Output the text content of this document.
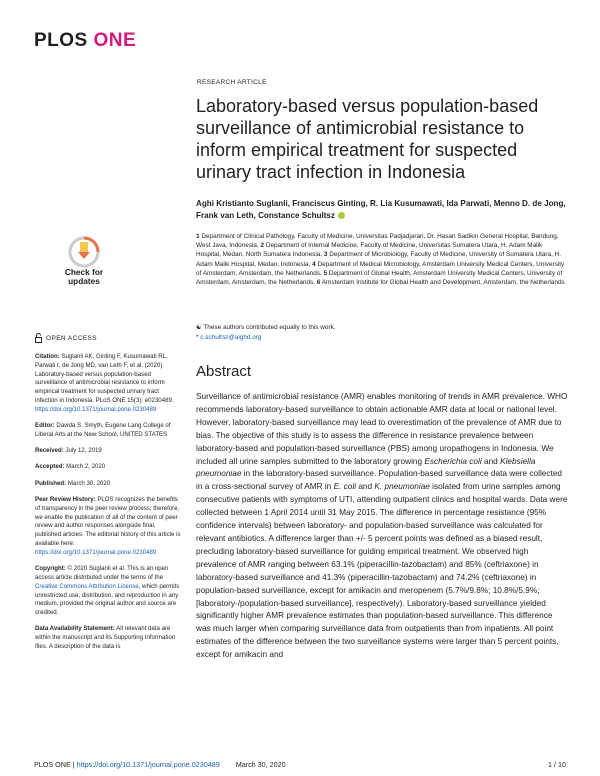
PLOS ONE
Check for
updates
OPEN ACCESS

Citation: Suglanli AK, Ginting F, Kusumawati RL, Parwati I, de Jong MD, van Leth F, et al. (2020) Laboratory-based versus population-based surveillance of antimicrobial resistance to inform empirical treatment for suspected urinary tract infection in Indonesia. PLoS ONE 15(3): e0230489. https://doi.org/10.1371/journal.pone.0230489

Editor: Davida S. Smyth, Eugene Lang College of Liberal Arts at the New School, UNITED STATES

Received: July 12, 2019

Accepted: March 2, 2020

Published: March 30, 2020

Peer Review History: PLOS recognizes the benefits of transparency in the peer review process; therefore, we enable the publication of all of the content of peer review and author responses alongside final, published articles. The editorial history of this article is available here: https://doi.org/10.1371/journal.pone.0230489

Copyright: © 2020 Suglanli et al. This is an open access article distributed under the terms of the Creative Commons Attribution License, which permits unrestricted use, distribution, and reproduction in any medium, provided the original author and source are credited.

Data Availability Statement: All relevant data are within the manuscript and its Supporting Information files. A description of the data is

RESEARCH ARTICLE
Laboratory-based versus population-based surveillance of antimicrobial resistance to inform empirical treatment for suspected urinary tract infection in Indonesia
Aghi Kristianto Suglanli, Franciscus Ginting, R. Lia Kusumawati, Ida Parwati, Menno D. de Jong, Frank van Leth, Constance Schultsz
1 Department of Clinical Pathology, Faculty of Medicine, Universitas Padjadjaran, Dr. Hasan Sadikin General Hospital, Bandung, West Java, Indonesia, 2 Department of Internal Medicine, Faculty of Medicine, Universitas Sumatera Utara, H. Adam Malik Hospital, Medan, North Sumatera Indonesia, 3 Department of Microbiology, Faculty of Medicine, University of Sumatera Utara, H. Adam Malik Hospital, Medan, Indonesia, 4 Department of Medical Microbiology, Amsterdam University Medical Centers, University of Amsterdam, Amsterdam, the Netherlands, 5 Department of Global Health, Amsterdam University Medical Centers, University of Amsterdam, Amsterdam, the Netherlands, 6 Amsterdam Institute for Global Health and Development, Amsterdam, the Netherlands
☯ These authors contributed equally to this work.
* c.schultsz@aighd.org
Abstract

Surveillance of antimicrobial resistance (AMR) enables monitoring of trends in AMR prevalence. WHO recommends laboratory-based surveillance to obtain actionable AMR data at local or national level. However, laboratory-based surveillance may lead to overestimation of the prevalence of AMR due to bias. The objective of this study is to assess the difference in resistance prevalence between laboratory-based and population-based surveillance (PBS) among uropathogens in Indonesia. We included all urine samples submitted to the laboratory growing Escherichia coli and Klebsiella pneumoniae in the laboratory-based surveillance. Population-based surveillance data were collected in a cross-sectional survey of AMR in E. coli and K. pneumoniae isolated from urine samples among consecutive patients with symptoms of UTI, attending outpatient clinics and hospital wards. Data were collected between 1 April 2014 until 31 May 2015. The difference in percentage resistance (95% confidence intervals) between laboratory- and population-based surveillance was calculated for relevant antibiotics. A difference larger than +/- 5 percent points was defined as a biased result, precluding laboratory-based surveillance for guiding empirical treatment. We observed high prevalence of AMR ranging between 63.1% (piperacillin-tazobactam) and 85% (ceftriaxone) in laboratory-based surveillance and 41.3% (piperacillin-tazobactam) and 74.2% (ceftriaxone) in population-based surveillance, except for amikacin and meropenem (5.7%/9.8%; 10.8%/5.9%; [laboratory-/population-based surveillance], respectively). Laboratory-based surveillance yielded significantly higher AMR prevalence estimates than population-based surveillance. This difference was much larger when comparing surveillance data from outpatients than from inpatients. All point estimates of the difference between the two surveillance systems were larger than 5 percent points, except for amikacin and

PLOS ONE | https://doi.org/10.1371/journal.pone.0230489 March 30, 2020	1 / 10
